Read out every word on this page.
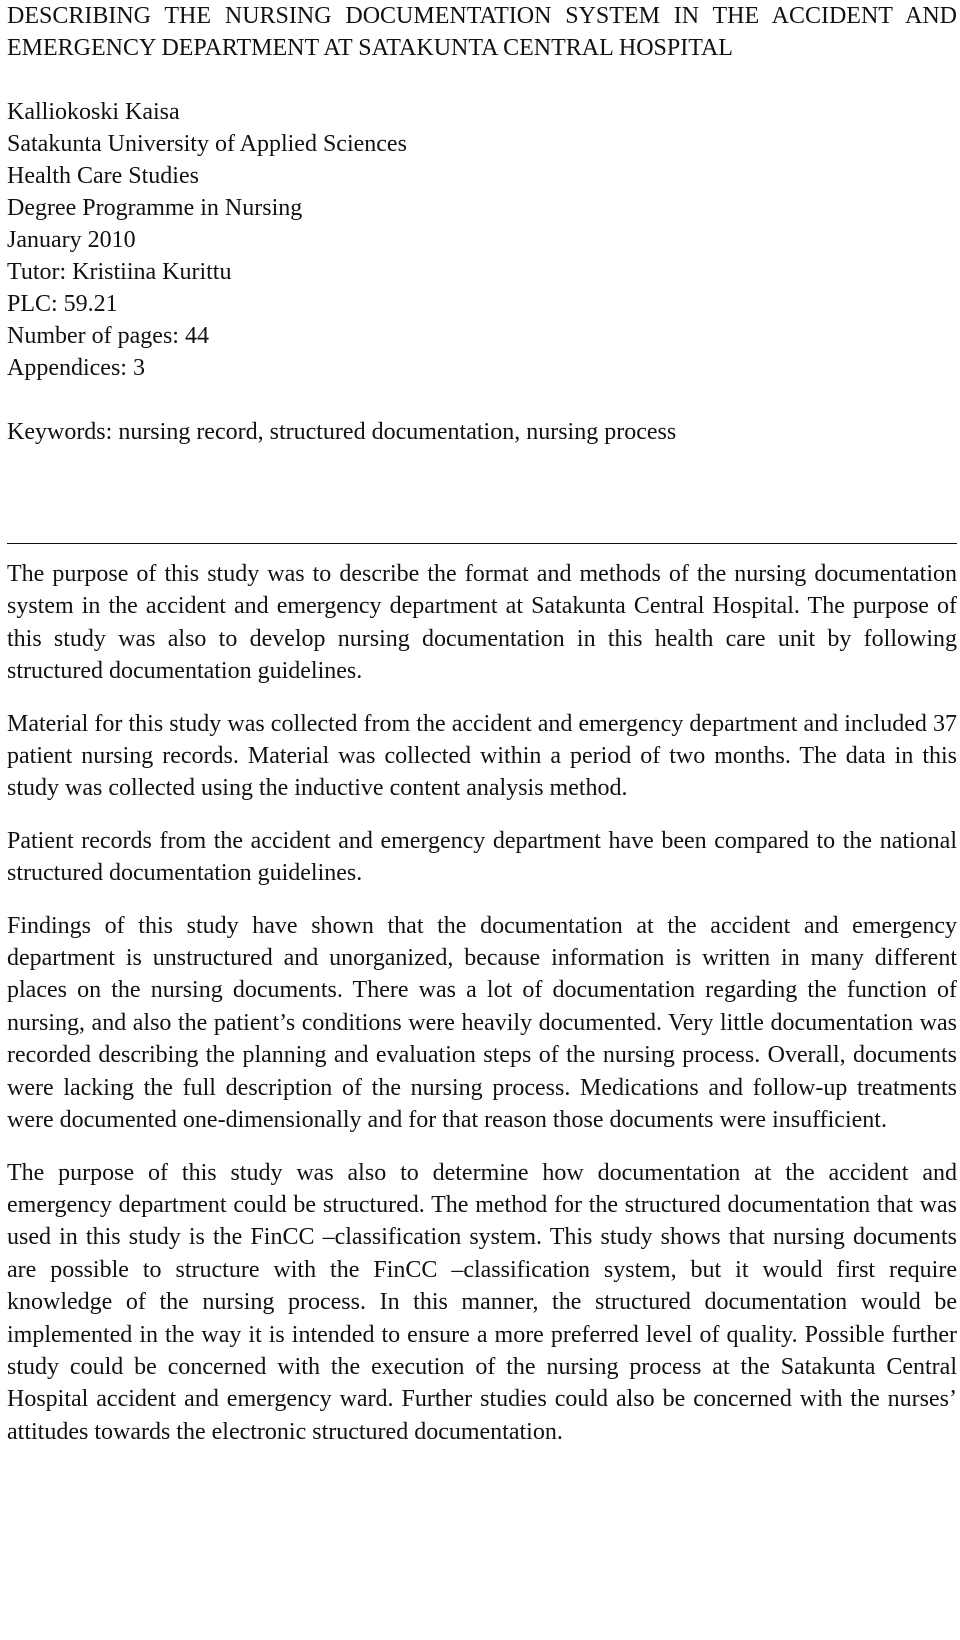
DESCRIBING THE NURSING DOCUMENTATION SYSTEM IN THE ACCIDENT AND EMERGENCY DEPARTMENT AT SATAKUNTA CENTRAL HOSPITAL
Kalliokoski Kaisa
Satakunta University of Applied Sciences
Health Care Studies
Degree Programme in Nursing
January 2010
Tutor: Kristiina Kurittu
PLC: 59.21
Number of pages: 44
Appendices: 3
Keywords: nursing record, structured documentation, nursing process

The purpose of this study was to describe the format and methods of the nursing documentation system in the accident and emergency department at Satakunta Central Hospital. The purpose of this study was also to develop nursing documentation in this health care unit by following structured documentation guidelines.

Material for this study was collected from the accident and emergency department and included 37 patient nursing records. Material was collected within a period of two months. The data in this study was collected using the inductive content analysis method.

Patient records from the accident and emergency department have been compared to the national structured documentation guidelines.

Findings of this study have shown that the documentation at the accident and emergency department is unstructured and unorganized, because information is written in many different places on the nursing documents. There was a lot of documentation regarding the function of nursing, and also the patient’s conditions were heavily documented. Very little documentation was recorded describing the planning and evaluation steps of the nursing process. Overall, documents were lacking the full description of the nursing process. Medications and follow-up treatments were documented one-dimensionally and for that reason those documents were insufficient.

The purpose of this study was also to determine how documentation at the accident and emergency department could be structured. The method for the structured documentation that was used in this study is the FinCC –classification system. This study shows that nursing documents are possible to structure with the FinCC –classification system, but it would first require knowledge of the nursing process. In this manner, the structured documentation would be implemented in the way it is intended to ensure a more preferred level of quality. Possible further study could be concerned with the execution of the nursing process at the Satakunta Central Hospital accident and emergency ward. Further studies could also be concerned with the nurses’ attitudes towards the electronic structured documentation.
